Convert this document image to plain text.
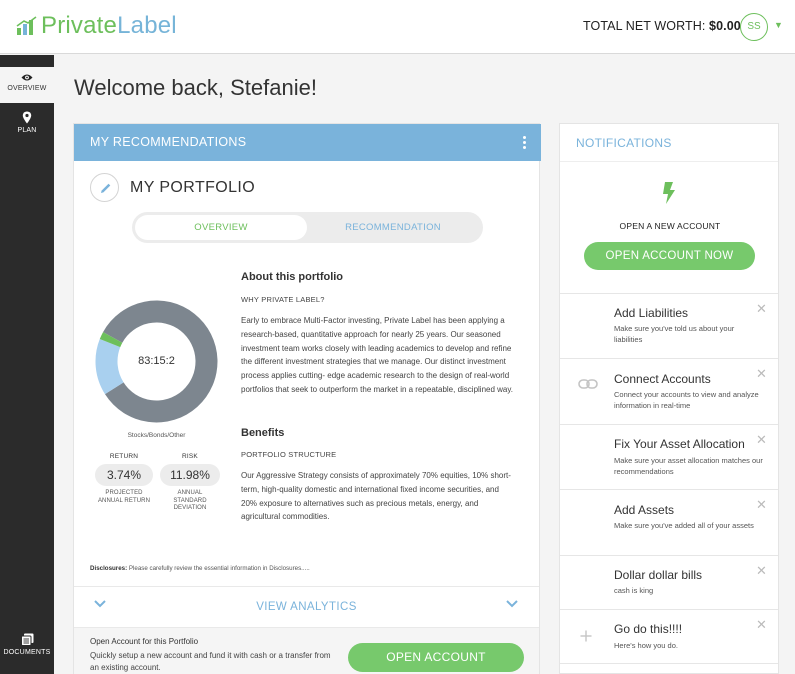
PrivateLabel	TOTAL NET WORTH: $0.00 SS	▼
OVERVIEW
PLAN
DOCUMENTS
Welcome back, Stefanie!
MY RECOMMENDATIONS
MY PORTFOLIO
OVERVIEW	RECOMMENDATION
83:15:2
Stocks/Bonds/Other
RETURN
3.74%
PROJECTED
ANNUAL RETURN
RISK
11.98%
ANNUAL
STANDARD
DEVIATION
About this portfolio
WHY PRIVATE LABEL?
Early to embrace Multi-Factor investing, Private Label has been applying a research-based, quantitative approach for nearly 25 years. Our seasoned investment team works closely with leading academics to develop and refine the different investment strategies that we manage. Our distinct investment process applies cutting- edge academic research to the design of real-world portfolios that seek to outperform the market in a repeatable, disciplined way.
Benefits
PORTFOLIO STRUCTURE
Our Aggressive Strategy consists of approximately 70% equities, 10% short-term, high-quality domestic and international fixed income securities, and 20% exposure to alternatives such as precious metals, energy, and agricultural commodities.
Disclosures: Please carefully review the essential information in Disclosures.....
VIEW ANALYTICS
Open Account for this Portfolio
Quickly setup a new account and fund it with cash or a transfer from an existing account.
OPEN ACCOUNT
NOTIFICATIONS
OPEN A NEW ACCOUNT
OPEN ACCOUNT NOW
Add Liabilities
Make sure you've told us about your liabilities
✕
Connect Accounts
Connect your accounts to view and analyze information in real-time
✕
Fix Your Asset Allocation
Make sure your asset allocation matches our recommendations
✕
Add Assets
Make sure you've added all of your assets
✕
Dollar dollar bills
cash is king
✕
Go do this!!!!
Here's how you do.
✕
